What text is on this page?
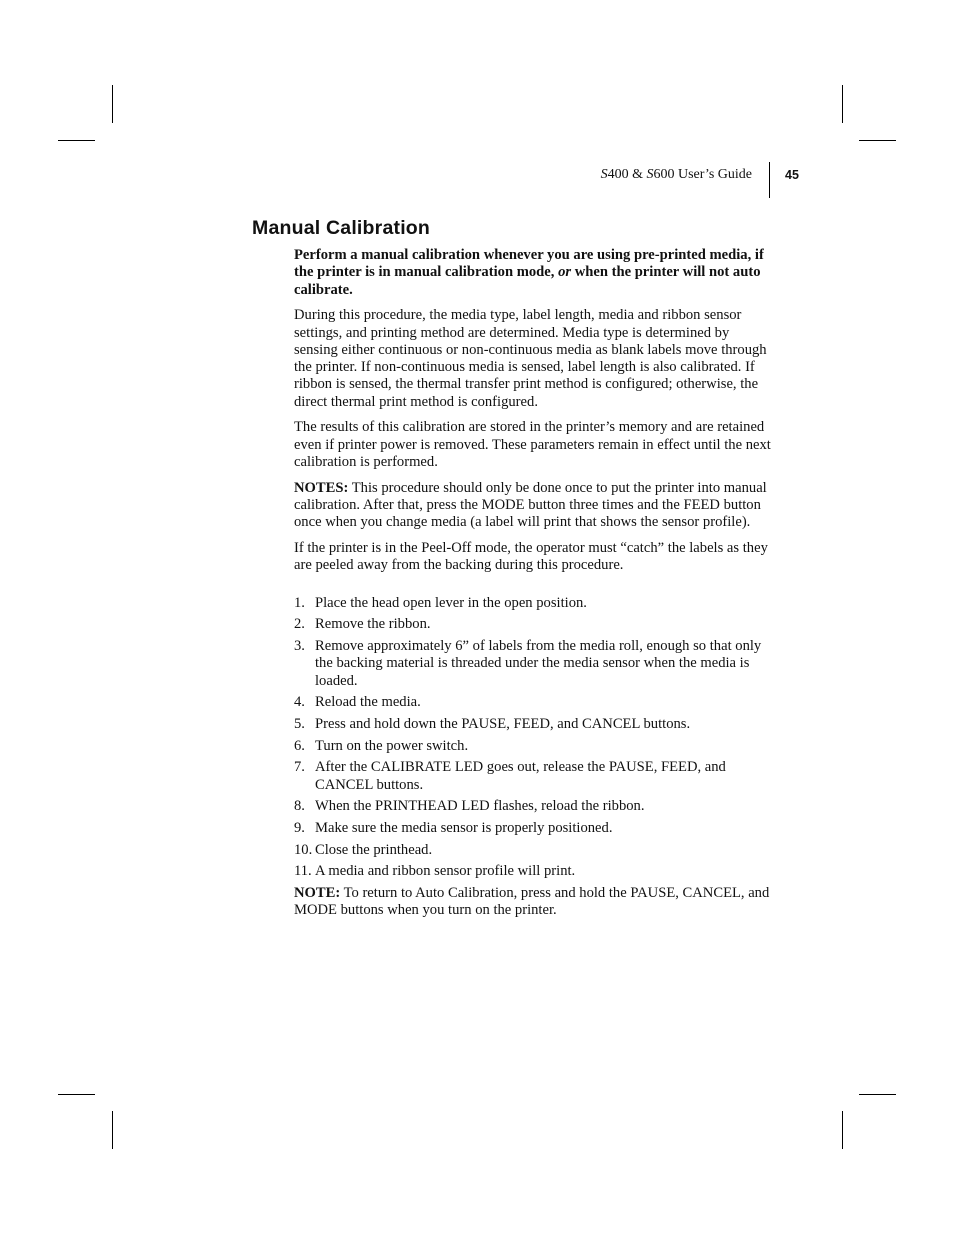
S400 & S600 User’s Guide	45
Manual Calibration

Perform a manual calibration whenever you are using pre-printed media, if the printer is in manual calibration mode, or when the printer will not auto calibrate.

During this procedure, the media type, label length, media and ribbon sensor settings, and printing method are determined. Media type is determined by sensing either continuous or non-continuous media as blank labels move through the printer. If non-continuous media is sensed, label length is also calibrated. If ribbon is sensed, the thermal transfer print method is configured; otherwise, the direct thermal print method is configured.

The results of this calibration are stored in the printer’s memory and are retained even if printer power is removed. These parameters remain in effect until the next calibration is performed.

NOTES: This procedure should only be done once to put the printer into manual calibration. After that, press the MODE button three times and the FEED button once when you change media (a label will print that shows the sensor profile).

If the printer is in the Peel-Off mode, the operator must “catch” the labels as they are peeled away from the backing during this procedure.

1. Place the head open lever in the open position.
2. Remove the ribbon.
3. Remove approximately 6” of labels from the media roll, enough so that only the backing material is threaded under the media sensor when the media is loaded.
4. Reload the media.
5. Press and hold down the PAUSE, FEED, and CANCEL buttons.
6. Turn on the power switch.
7. After the CALIBRATE LED goes out, release the PAUSE, FEED, and CANCEL buttons.
8. When the PRINTHEAD LED flashes, reload the ribbon.
9. Make sure the media sensor is properly positioned.
10. Close the printhead.
11. A media and ribbon sensor profile will print.

NOTE: To return to Auto Calibration, press and hold the PAUSE, CANCEL, and MODE buttons when you turn on the printer.
